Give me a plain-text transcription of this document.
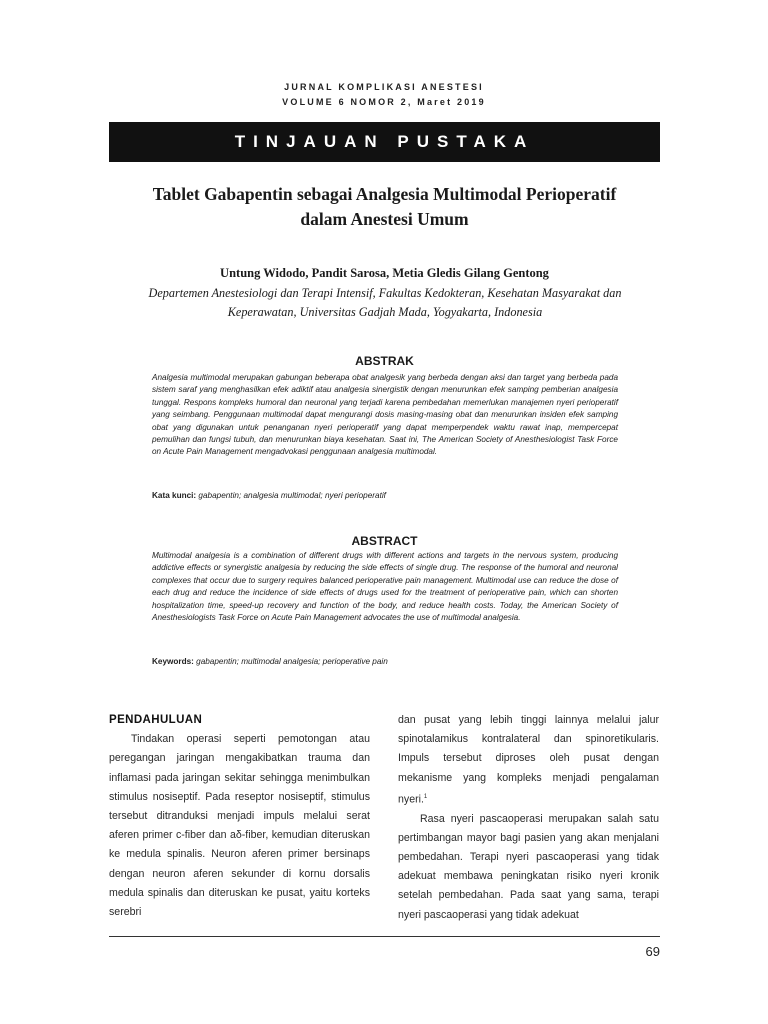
JURNAL KOMPLIKASI ANESTESI
VOLUME 6 NOMOR 2, Maret 2019
TINJAUAN PUSTAKA
Tablet Gabapentin sebagai Analgesia Multimodal Perioperatif
dalam Anestesi Umum
Untung Widodo, Pandit Sarosa, Metia Gledis Gilang Gentong
Departemen Anestesiologi dan Terapi Intensif, Fakultas Kedokteran, Kesehatan Masyarakat dan
Keperawatan, Universitas Gadjah Mada, Yogyakarta, Indonesia
ABSTRAK
Analgesia multimodal merupakan gabungan beberapa obat analgesik yang berbeda dengan aksi dan target yang berbeda pada sistem saraf yang menghasilkan efek adiktif atau analgesia sinergistik dengan menurunkan efek samping pemberian analgesia tunggal. Respons kompleks humoral dan neuronal yang terjadi karena pembedahan memerlukan manajemen nyeri perioperatif yang seimbang. Penggunaan multimodal dapat mengurangi dosis masing-masing obat dan menurunkan insiden efek samping obat yang digunakan untuk penanganan nyeri perioperatif yang dapat memperpendek waktu rawat inap, mempercepat pemulihan dan fungsi tubuh, dan menurunkan biaya kesehatan. Saat ini, The American Society of Anesthesiologist Task Force on Acute Pain Management mengadvokasi penggunaan analgesia multimodal.
Kata kunci: gabapentin; analgesia multimodal; nyeri perioperatif
ABSTRACT
Multimodal analgesia is a combination of different drugs with different actions and targets in the nervous system, producing addictive effects or synergistic analgesia by reducing the side effects of single drug. The response of the humoral and neuronal complexes that occur due to surgery requires balanced perioperative pain management. Multimodal use can reduce the dose of each drug and reduce the incidence of side effects of drugs used for the treatment of perioperative pain, which can shorten hospitalization time, speed-up recovery and function of the body, and reduce health costs. Today, the American Society of Anesthesiologists Task Force on Acute Pain Management advocates the use of multimodal analgesia.
Keywords: gabapentin; multimodal analgesia; perioperative pain

PENDAHULUAN

Tindakan operasi seperti pemotongan atau peregangan jaringan mengakibatkan trauma dan inflamasi pada jaringan sekitar sehingga menimbulkan stimulus nosiseptif. Pada reseptor nosiseptif, stimulus tersebut ditranduksi menjadi impuls melalui serat aferen primer c-fiber dan aδ-fiber, kemudian diteruskan ke medula spinalis. Neuron aferen primer bersinaps dengan neuron aferen sekunder di kornu dorsalis medula spinalis dan diteruskan ke pusat, yaitu korteks serebri

dan pusat yang lebih tinggi lainnya melalui jalur spinotalamikus kontralateral dan spinoretikularis. Impuls tersebut diproses oleh pusat dengan mekanisme yang kompleks menjadi pengalaman nyeri.$^1$

Rasa nyeri pascaoperasi merupakan salah satu pertimbangan mayor bagi pasien yang akan menjalani pembedahan. Terapi nyeri pascaoperasi yang tidak adekuat membawa peningkatan risiko nyeri kronik setelah pembedahan. Pada saat yang sama, terapi nyeri pascaoperasi yang tidak adekuat

69
